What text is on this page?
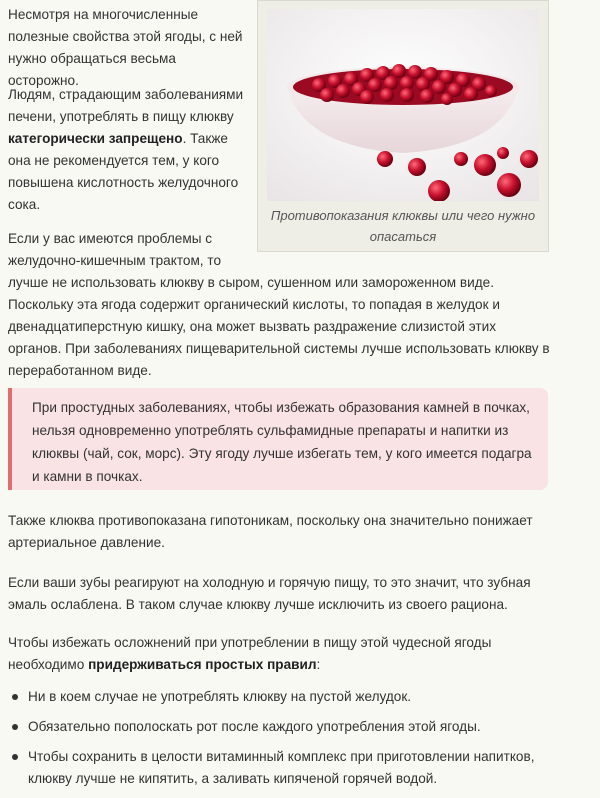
Несмотря на многочисленные полезные свойства этой ягоды, с ней нужно обращаться весьма осторожно.

Людям, страдающим заболеваниями печени, употреблять в пищу клюкву категорически запрещено. Также она не рекомендуется тем, у кого повышена кислотность желудочного сока.

Противопоказания клюквы или чего нужно опасаться

Если у вас имеются проблемы с
желудочно-кишечным трактом, то

лучше не использовать клюкву в сыром, сушенном или замороженном виде. Поскольку эта ягода содержит органический кислоты, то попадая в желудок и двенадцатиперстную кишку, она может вызвать раздражение слизистой этих органов. При заболеваниях пищеварительной системы лучше использовать клюкву в переработанном виде.

При простудных заболеваниях, чтобы избежать образования камней в почках, нельзя одновременно употреблять сульфамидные препараты и напитки из клюквы (чай, сок, морс). Эту ягоду лучше избегать тем, у кого имеется подагра и камни в почках.

Также клюква противопоказана гипотоникам, поскольку она значительно понижает артериальное давление.

Если ваши зубы реагируют на холодную и горячую пищу, то это значит, что зубная эмаль ослаблена. В таком случае клюкву лучше исключить из своего рациона.

Чтобы избежать осложнений при употреблении в пищу этой чудесной ягоды необходимо придерживаться простых правил:

Ни в коем случае не употреблять клюкву на пустой желудок.
Обязательно пополоскать рот после каждого употребления этой ягоды.
Чтобы сохранить в целости витаминный комплекс при приготовлении напитков, клюкву лучше не кипятить, а заливать кипяченой горячей водой.
